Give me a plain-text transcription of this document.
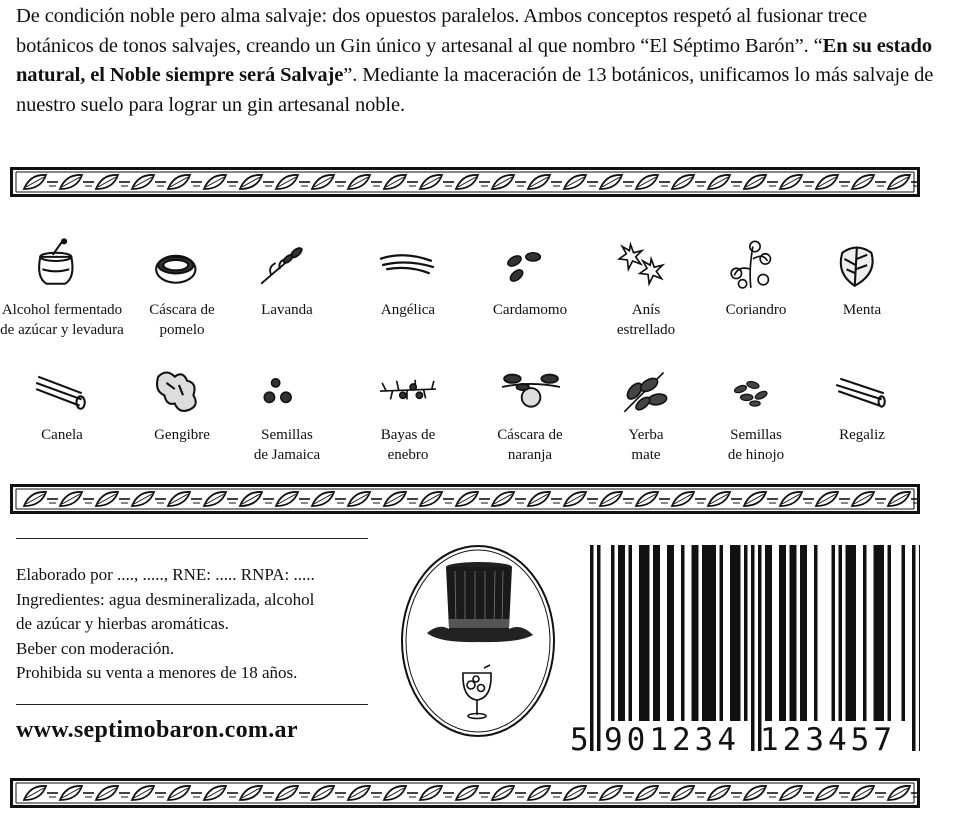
De condición noble pero alma salvaje: dos opuestos paralelos. Ambos conceptos respetó al fusionar trece botánicos de tonos salvajes, creando un Gin único y artesanal al que nombro “El Séptimo Barón”. “En su estado natural, el Noble siempre será Salvaje”. Mediante la maceración de 13 botánicos, unificamos lo más salvaje de nuestro suelo para lograr un gin artesanal noble.
Alcohol fermentado
de azúcar y levadura
Cáscara de
pomelo
Lavanda	Angélica	Cardamomo	Anís
estrellado
Coriandro	Menta
Canela	Gengibre	Semillas
de Jamaica
Bayas de
enebro
Cáscara de
naranja
Yerba
mate
Semillas
de hinojo
Regaliz
Elaborado por ...., ....., RNE: ..... RNPA: .....
Ingredientes: agua desmineralizada, alcohol
de azúcar y hierbas aromáticas.
Beber con moderación.
Prohibida su venta a menores de 18 años.
www.septimobaron.com.ar	5 901234 123457
